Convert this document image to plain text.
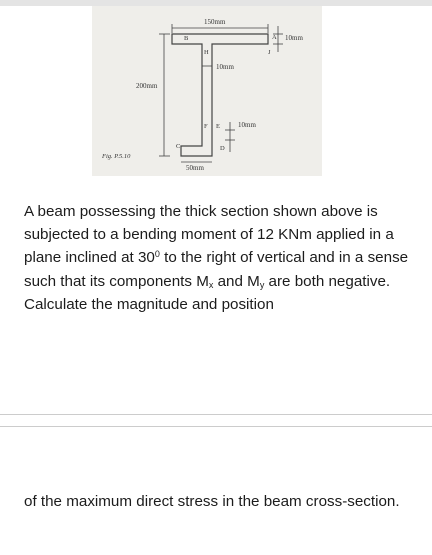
150mm
10mm
200mm
10mm
10mm
50mm
B
H
A
J
F E
D
C
Fig. P.5.10

A beam possessing the thick section shown above is subjected to a bending moment of 12 KNm applied in a plane inclined at $30^0$ to the right of vertical and in a sense such that its components $M_x$ and $M_y$ are both negative. Calculate the magnitude and position

of the maximum direct stress in the beam cross-section.
